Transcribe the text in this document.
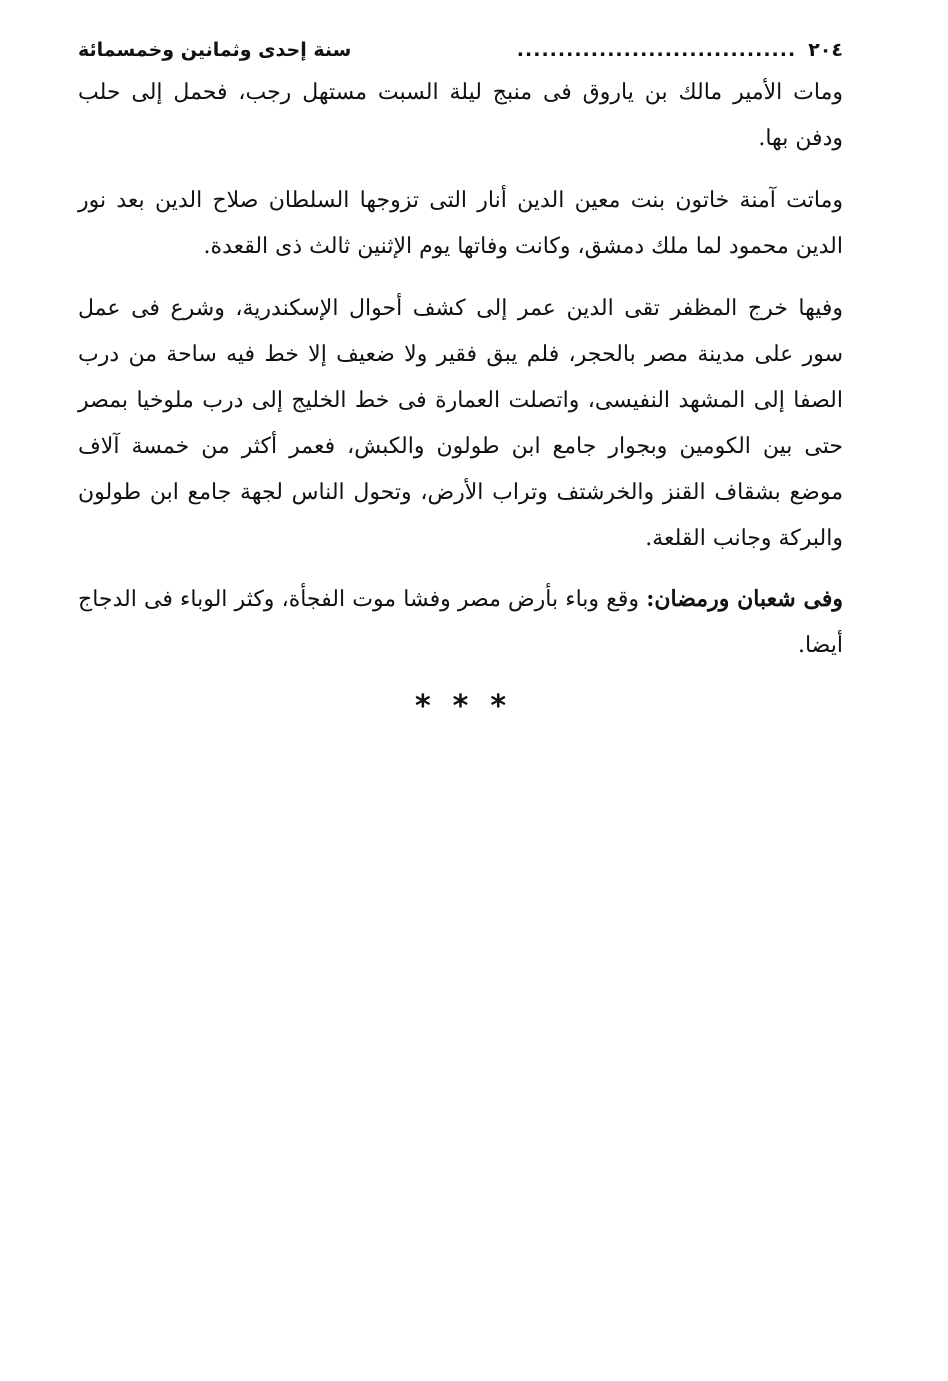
٢٠٤
..................................
سنة إحدى وثمانين وخمسمائة

ومات الأمير مالك بن ياروق فى منبج ليلة السبت مستهل رجب، فحمل إلى حلب ودفن بها.

وماتت آمنة خاتون بنت معين الدين أنار التى تزوجها السلطان صلاح الدين بعد نور الدين محمود لما ملك دمشق، وكانت وفاتها يوم الإثنين ثالث ذى القعدة.

وفيها خرج المظفر تقى الدين عمر إلى كشف أحوال الإسكندرية، وشرع فى عمل سور على مدينة مصر بالحجر، فلم يبق فقير ولا ضعيف إلا خط فيه ساحة من درب الصفا إلى المشهد النفيسى، واتصلت العمارة فى خط الخليج إلى درب ملوخيا بمصر حتى بين الكومين وبجوار جامع ابن طولون والكبش، فعمر أكثر من خمسة آلاف موضع بشقاف القنز والخرشتف وتراب الأرض، وتحول الناس لجهة جامع ابن طولون والبركة وجانب القلعة.

وفى شعبان ورمضان: وقع وباء بأرض مصر وفشا موت الفجأة، وكثر الوباء فى الدجاج أيضا.

***
